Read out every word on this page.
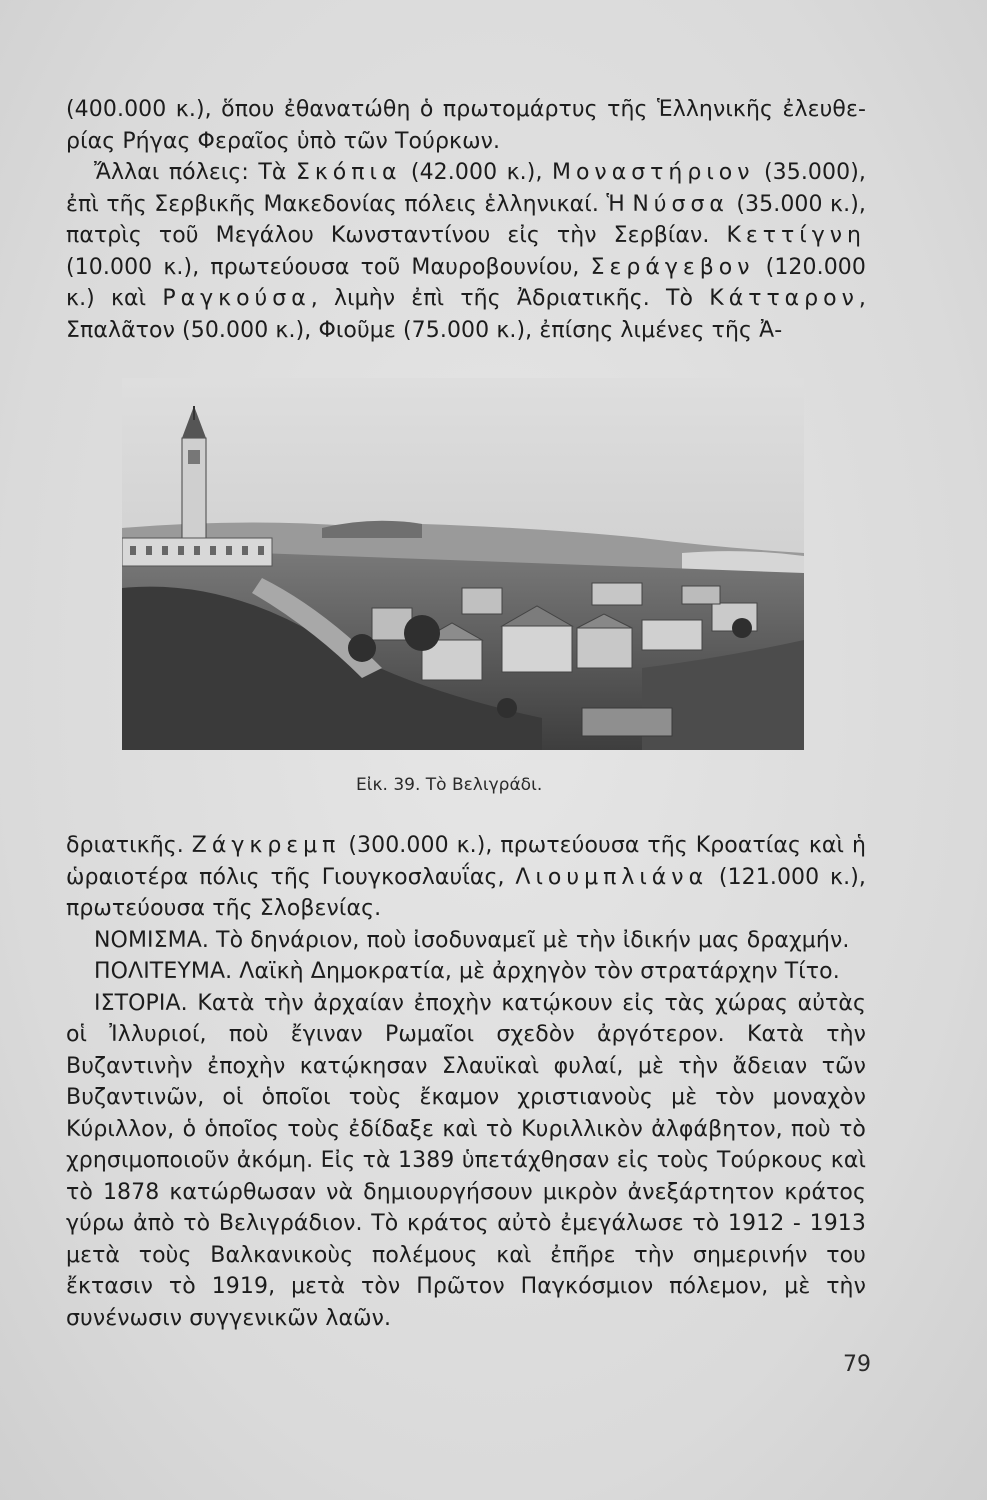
(400.000 κ.), ὅπου ἐθανατώθη ὁ πρωτομάρτυς τῆς Ἑλληνικῆς ἐλευθε- ρίας Ρήγας Φεραῖος ὑπὸ τῶν Τούρκων.

Ἄλλαι πόλεις: Τὰ Σκόπια (42.000 κ.), Μοναστήριον (35.000), ἐπὶ τῆς Σερβικῆς Μακεδονίας πόλεις ἑλληνικαί. Ἡ Νύσσα (35.000 κ.), πατρὶς τοῦ Μεγάλου Κωνσταντίνου εἰς τὴν Σερβίαν. Κεττίγνη (10.000 κ.), πρωτεύουσα τοῦ Μαυροβουνίου, Σεράγεβον (120.000 κ.) καὶ Ραγκούσα, λιμὴν ἐπὶ τῆς Ἀδριατικῆς. Τὸ Κάτταρον, Σπαλᾶτον (50.000 κ.), Φιοῦμε (75.000 κ.), ἐπίσης λιμένες τῆς Ἀ-

Εἰκ. 39. Τὸ Βελιγράδι.

δριατικῆς. Ζάγκρεμπ (300.000 κ.), πρωτεύουσα τῆς Κροατίας καὶ ἡ ὡραιοτέρα πόλις τῆς Γιουγκοσλαυΐας, Λιουμπλιάνα (121.000 κ.), πρωτεύουσα τῆς Σλοβενίας.

ΝΟΜΙΣΜΑ. Τὸ δηνάριον, ποὺ ἰσοδυναμεῖ μὲ τὴν ἰδικήν μας δραχμήν.

ΠΟΛΙΤΕΥΜΑ. Λαϊκὴ Δημοκρατία, μὲ ἀρχηγὸν τὸν στρατάρχην Τίτο.

ΙΣΤΟΡΙΑ. Κατὰ τὴν ἀρχαίαν ἐποχὴν κατῴκουν εἰς τὰς χώρας αὐτὰς οἱ Ἰλλυριοί, ποὺ ἔγιναν Ρωμαῖοι σχεδὸν ἀργότερον. Κατὰ τὴν Βυζαντινὴν ἐποχὴν κατῴκησαν Σλαυϊκαὶ φυλαί, μὲ τὴν ἄδειαν τῶν Βυζαντινῶν, οἱ ὁποῖοι τοὺς ἔκαμον χριστιανοὺς μὲ τὸν μοναχὸν Κύριλλον, ὁ ὁποῖος τοὺς ἐδίδαξε καὶ τὸ Κυριλλικὸν ἀλφάβητον, ποὺ τὸ χρησιμοποιοῦν ἀκόμη. Εἰς τὰ 1389 ὑπετάχθησαν εἰς τοὺς Τούρκους καὶ τὸ 1878 κατώρθωσαν νὰ δημιουργήσουν μικρὸν ἀνεξάρτητον κράτος γύρω ἀπὸ τὸ Βελιγράδιον. Τὸ κράτος αὐτὸ ἐμεγάλωσε τὸ 1912 - 1913 μετὰ τοὺς Βαλκανικοὺς πολέμους καὶ ἐπῆρε τὴν σημερινήν του ἔκτασιν τὸ 1919, μετὰ τὸν Πρῶτον Παγκόσμιον πόλεμον, μὲ τὴν συνένωσιν συγγενικῶν λαῶν.

79
